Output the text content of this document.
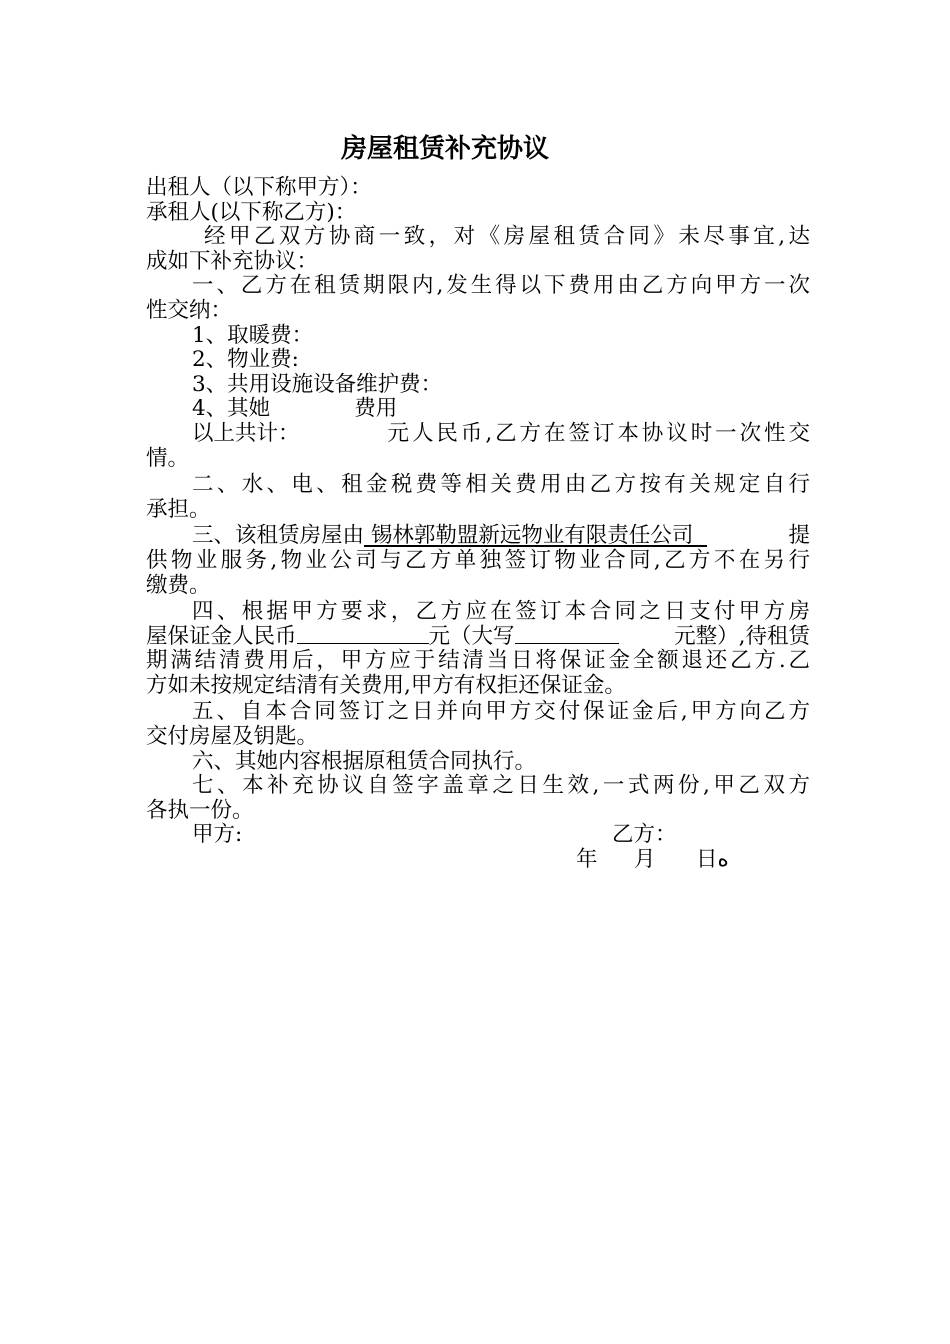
房屋租赁补充协议
出租人（以下称甲方）：
承租人(以下称乙方)：
经甲乙双方协商一致，对《房屋租赁合同》未尽事宜,达
成如下补充协议：
一、乙方在租赁期限内,发生得以下费用由乙方向甲方一次
性交纳：
1、取暖费：
2、物业费:
3、共用设施设备维护费：
4、其她	费用
以上共计：	元人民币,乙方在签订本协议时一次性交
情。
二、水、电、租金税费等相关费用由乙方按有关规定自行
承担。
三、该租赁房屋由 锡林郭勒盟新远物业有限责任公司	提
供物业服务,物业公司与乙方单独签订物业合同,乙方不在另行
缴费。
四、根据甲方要求，乙方应在签订本合同之日支付甲方房
屋保证金人民币	元（大写	元整）,待租赁
期满结清费用后，甲方应于结清当日将保证金全额退还乙方.乙
方如未按规定结清有关费用,甲方有权拒还保证金。
五、自本合同签订之日并向甲方交付保证金后,甲方向乙方
交付房屋及钥匙。
六、其她内容根据原租赁合同执行。
七、本补充协议自签字盖章之日生效,一式两份,甲乙双方
各执一份。
甲方:	乙方：
年 月 日ه
